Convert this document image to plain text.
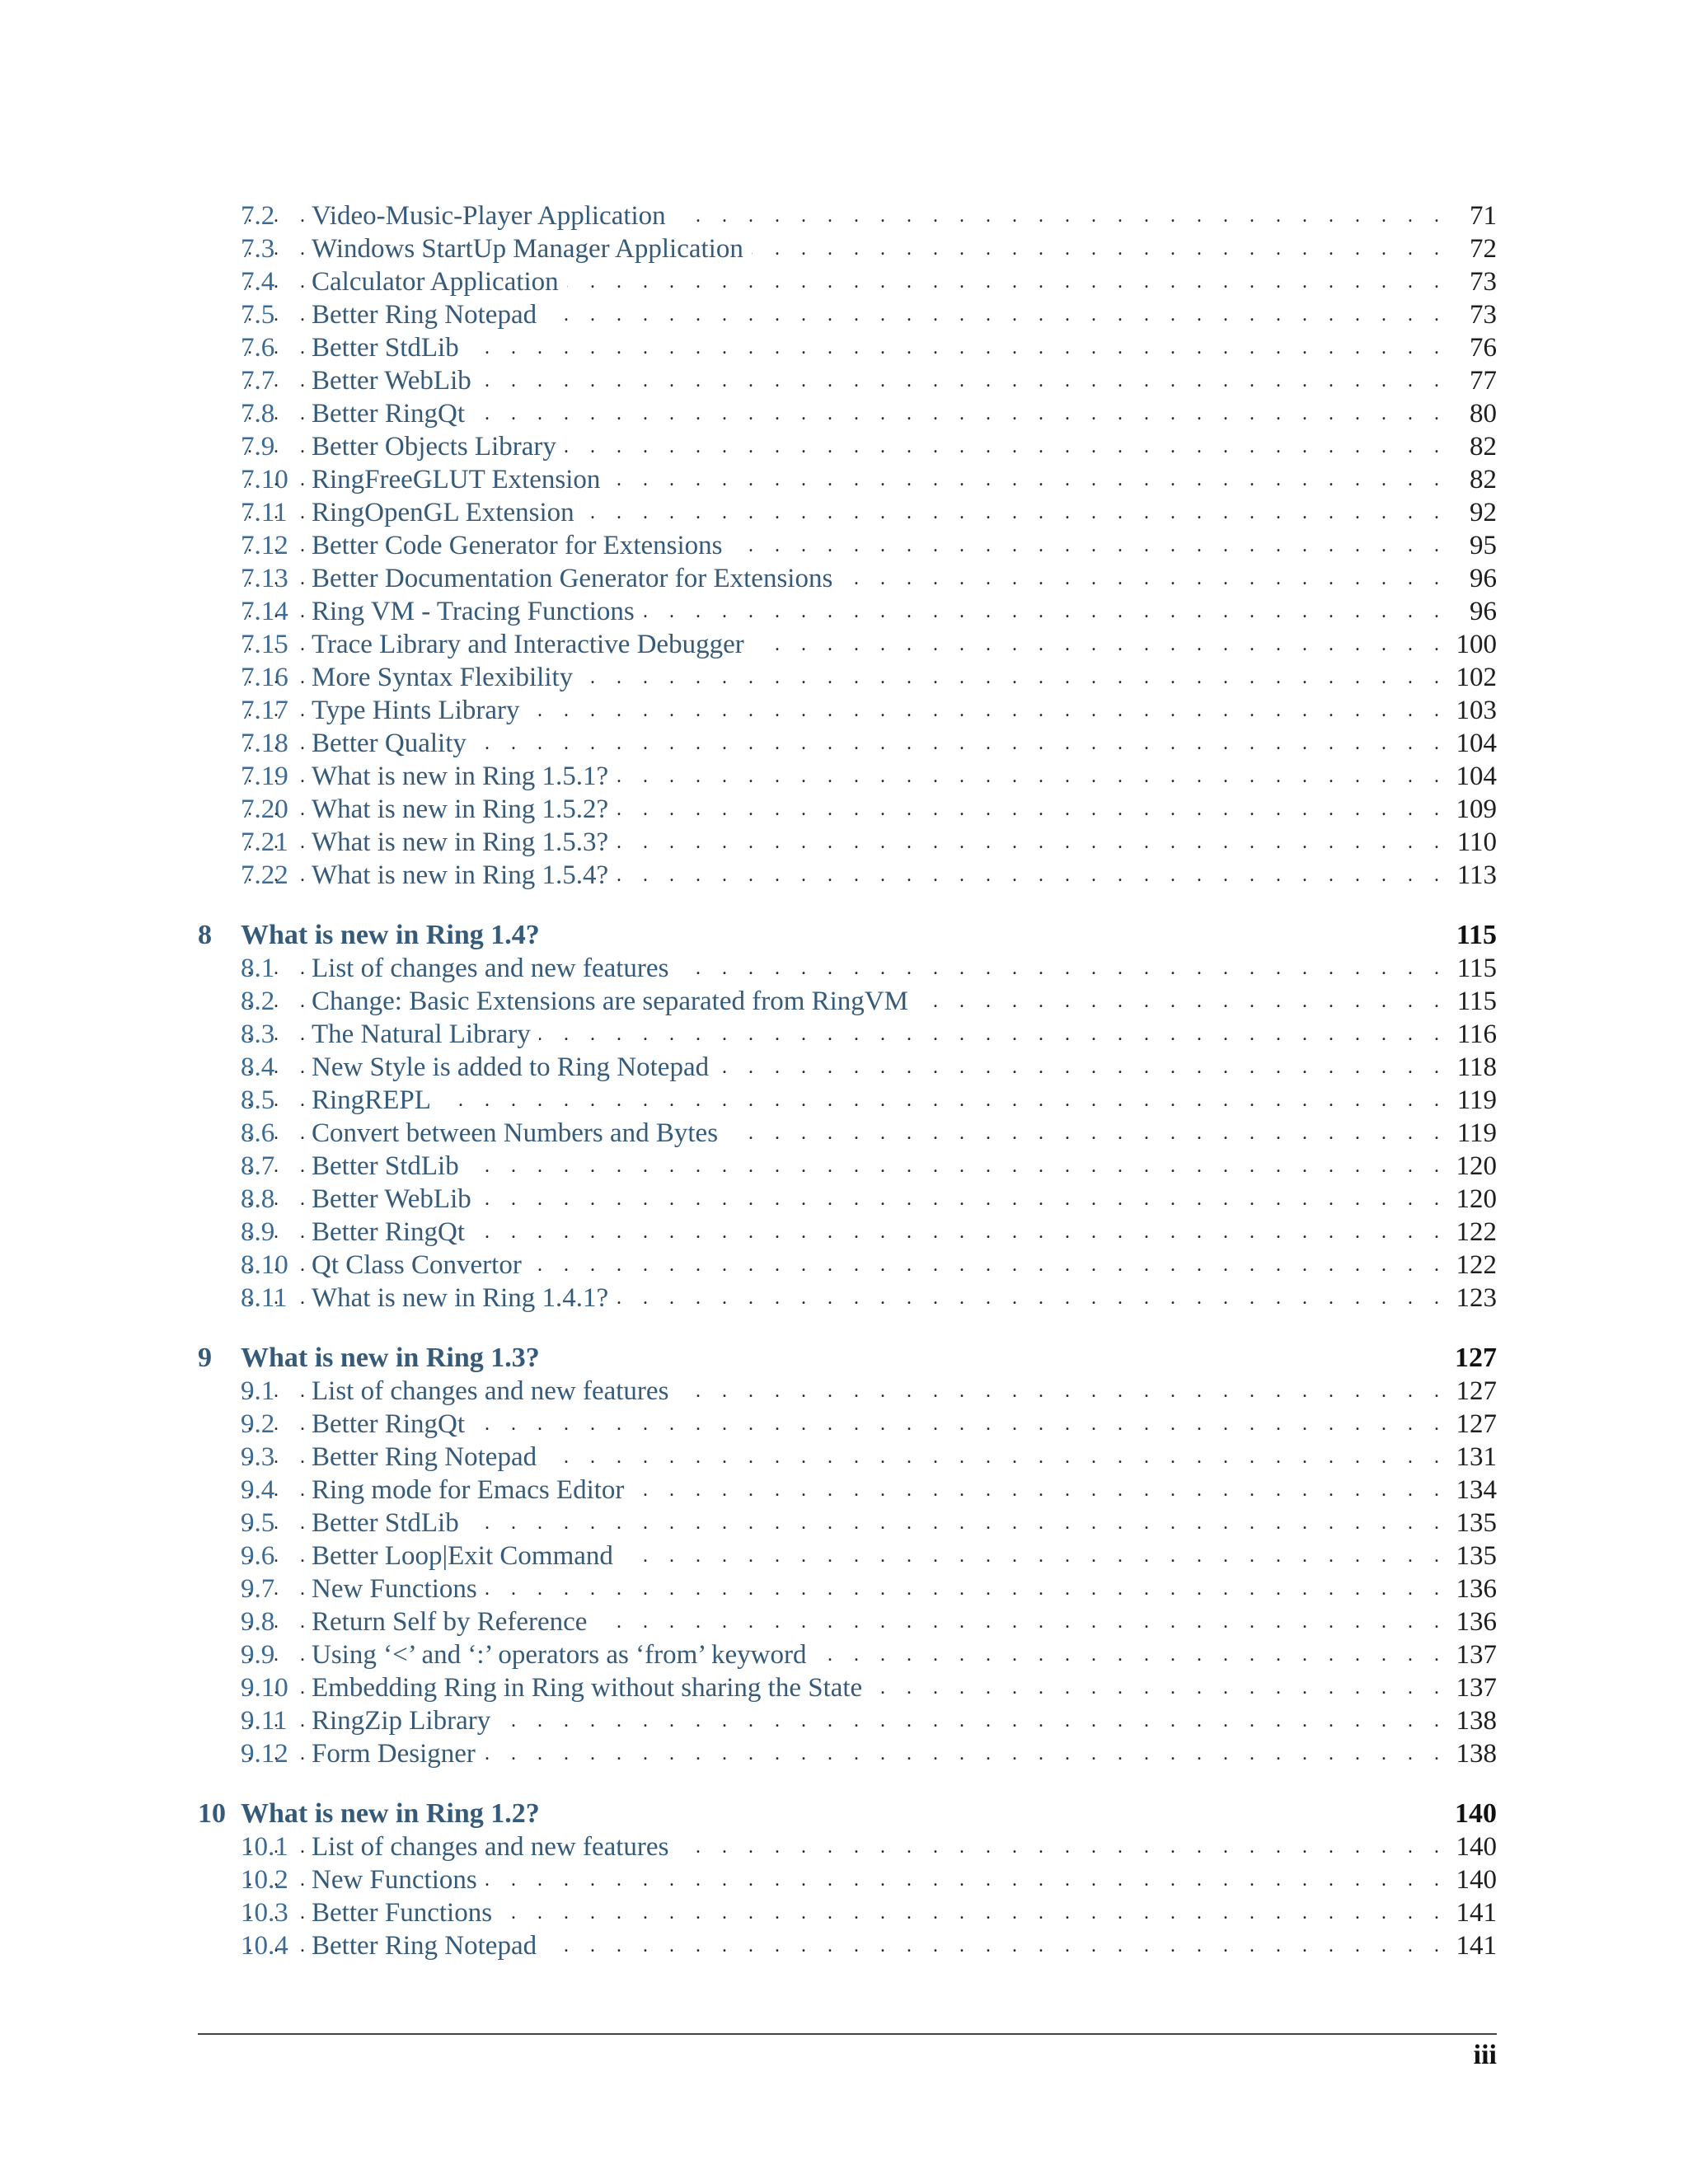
. . .
7.2 Video-Music-Player Application	71
. . .
7.3 Windows StartUp Manager Application	72
. . .
7.4 Calculator Application	73
. . .
7.5 Better Ring Notepad	73
. . .
7.6 Better StdLib	76
. . .
7.7 Better WebLib	77
. . .
7.8 Better RingQt	80
. . .
7.9 Better Objects Library	82
. . .
7.10 RingFreeGLUT Extension	82
. . .
7.11 RingOpenGL Extension	92
. . .
7.12 Better Code Generator for Extensions	95
. . .
7.13 Better Documentation Generator for Extensions	96
. . .
7.14 Ring VM - Tracing Functions	96
. . .
7.15 Trace Library and Interactive Debugger	100
. . .
7.16 More Syntax Flexibility	102
. . .
7.17 Type Hints Library	103
. . .
7.18 Better Quality	104
. . .
7.19 What is new in Ring 1.5.1?	104
. . .
7.20 What is new in Ring 1.5.2?	109
. . .
7.21 What is new in Ring 1.5.3?	110
. . .
7.22 What is new in Ring 1.5.4?	113
8 What is new in Ring 1.4?	115
. . .
8.1 List of changes and new features	115
. . .
8.2 Change: Basic Extensions are separated from RingVM	115
. . .
8.3 The Natural Library	116
. . .
8.4 New Style is added to Ring Notepad	118
. . .
8.5 RingREPL	119
. . .
8.6 Convert between Numbers and Bytes	119
. . .
8.7 Better StdLib	120
. . .
8.8 Better WebLib	120
. . .
8.9 Better RingQt	122
. . .
8.10 Qt Class Convertor	122
. . .
8.11 What is new in Ring 1.4.1?	123
9 What is new in Ring 1.3?	127
. . .
9.1 List of changes and new features	127
. . .
9.2 Better RingQt	127
. . .
9.3 Better Ring Notepad	131
. . .
9.4 Ring mode for Emacs Editor	134
. . .
9.5 Better StdLib	135
. . .
9.6 Better Loop|Exit Command	135
. . .
9.7 New Functions	136
. . .
9.8 Return Self by Reference	136
. . .
9.9 Using ‘<’ and ‘:’ operators as ‘from’ keyword	137
. . .
9.10 Embedding Ring in Ring without sharing the State	137
. . .
9.11 RingZip Library	138
. . .
9.12 Form Designer	138
10 What is new in Ring 1.2?	140
. . .
10.1 List of changes and new features	140
. . .
10.2 New Functions	140
. . .
10.3 Better Functions	141
. . .
10.4 Better Ring Notepad	141
iii
